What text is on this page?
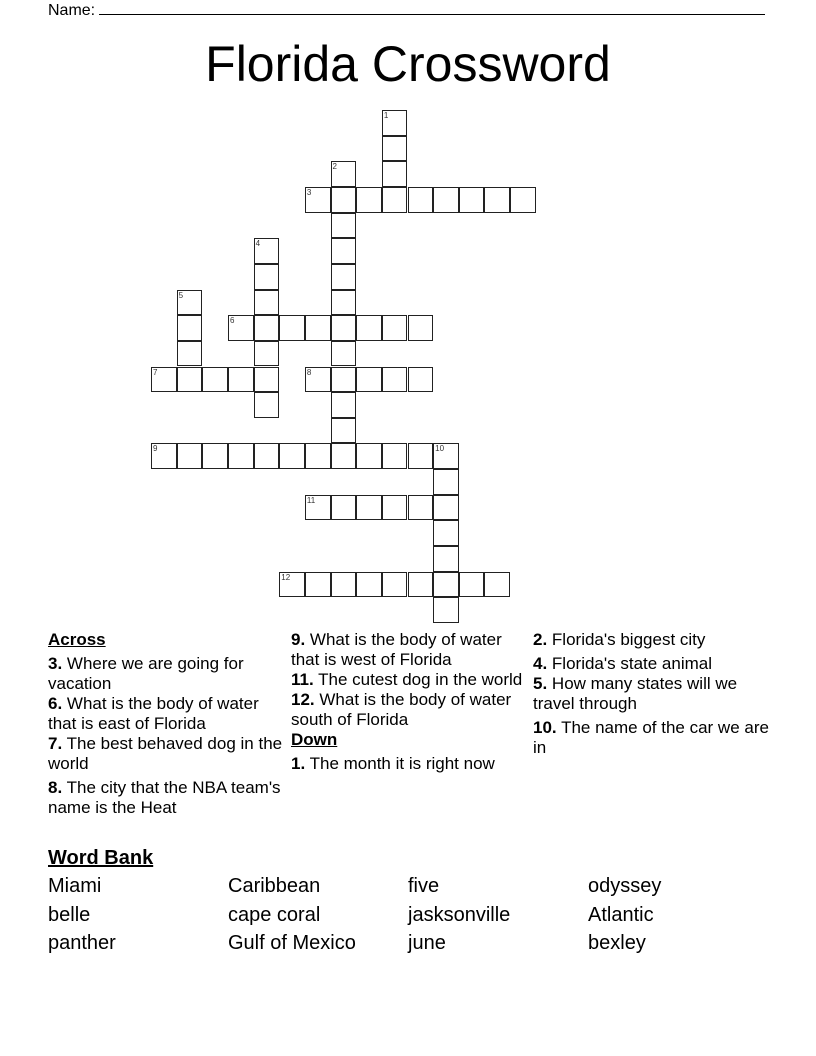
Name:
Florida Crossword
1
2
3
4
5
6
7	8
9	10
11
12
Across
3. Where we are going for vacation
6. What is the body of water that is east of Florida
7. The best behaved dog in the world
8. The city that the NBA team's name is the Heat
9. What is the body of water that is west of Florida
11. The cutest dog in the world
12. What is the body of water south of Florida
Down
1. The month it is right now
2. Florida's biggest city
4. Florida's state animal
5. How many states will we travel through
10. The name of the car we are in
Word Bank
Miami	Caribbean	five	odyssey
belle	cape coral	jasksonville	Atlantic
panther	Gulf of Mexico	june	bexley
